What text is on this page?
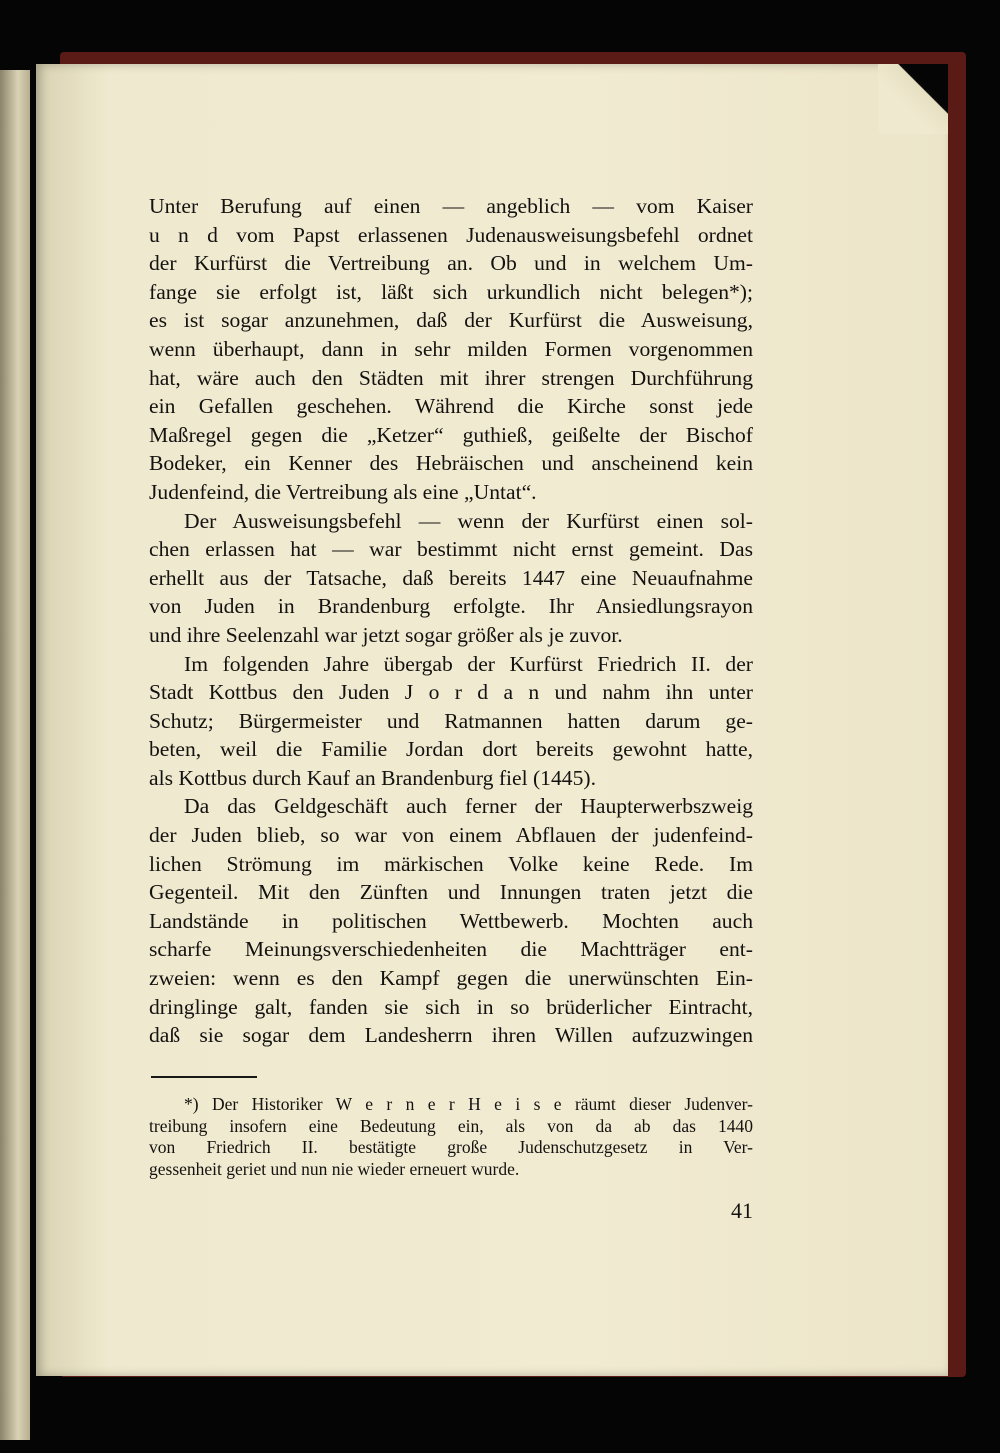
Unter Berufung auf einen — angeblich — vom Kaiser
u n d vom Papst erlassenen Judenausweisungsbefehl ordnet
der Kurfürst die Vertreibung an. Ob und in welchem Um-
fange sie erfolgt ist, läßt sich urkundlich nicht belegen*);
es ist sogar anzunehmen, daß der Kurfürst die Ausweisung,
wenn überhaupt, dann in sehr milden Formen vorgenommen
hat, wäre auch den Städten mit ihrer strengen Durchführung
ein Gefallen geschehen. Während die Kirche sonst jede
Maßregel gegen die „Ketzer“ guthieß, geißelte der Bischof
Bodeker, ein Kenner des Hebräischen und anscheinend kein
Judenfeind, die Vertreibung als eine „Untat“.

Der Ausweisungsbefehl — wenn der Kurfürst einen sol-
chen erlassen hat — war bestimmt nicht ernst gemeint. Das
erhellt aus der Tatsache, daß bereits 1447 eine Neuaufnahme
von Juden in Brandenburg erfolgte. Ihr Ansiedlungsrayon
und ihre Seelenzahl war jetzt sogar größer als je zuvor.

Im folgenden Jahre übergab der Kurfürst Friedrich II. der
Stadt Kottbus den Juden J o r d a n und nahm ihn unter
Schutz; Bürgermeister und Ratmannen hatten darum ge-
beten, weil die Familie Jordan dort bereits gewohnt hatte,
als Kottbus durch Kauf an Brandenburg fiel (1445).

Da das Geldgeschäft auch ferner der Haupterwerbszweig
der Juden blieb, so war von einem Abflauen der judenfeind-
lichen Strömung im märkischen Volke keine Rede. Im
Gegenteil. Mit den Zünften und Innungen traten jetzt die
Landstände in politischen Wettbewerb. Mochten auch
scharfe Meinungsverschiedenheiten die Machtträger ent-
zweien: wenn es den Kampf gegen die unerwünschten Ein-
dringlinge galt, fanden sie sich in so brüderlicher Eintracht,
daß sie sogar dem Landesherrn ihren Willen aufzuzwingen

*) Der Historiker W e r n e r H e i s e räumt dieser Judenver-
treibung insofern eine Bedeutung ein, als von da ab das 1440
von Friedrich II. bestätigte große Judenschutzgesetz in Ver-
gessenheit geriet und nun nie wieder erneuert wurde.
41
